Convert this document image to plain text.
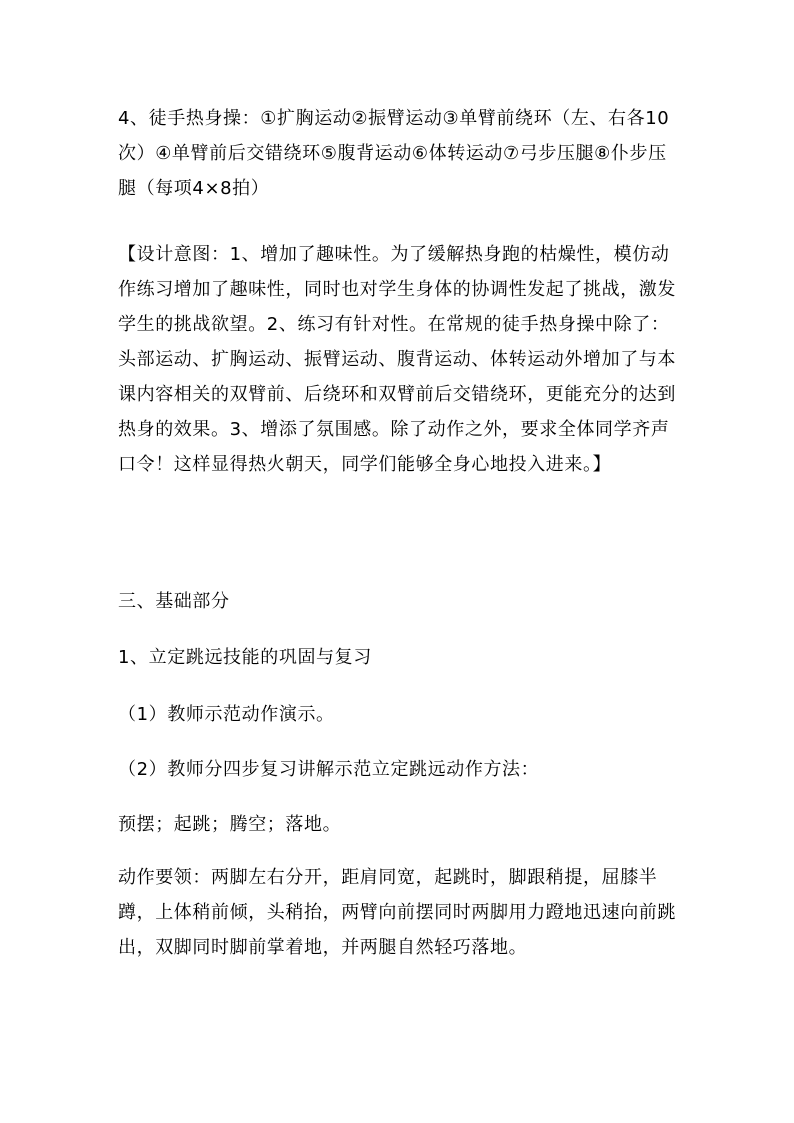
4、徒手热身操：①扩胸运动②振臂运动③单臂前绕环（左、右各10次）④单臂前后交错绕环⑤腹背运动⑥体转运动⑦弓步压腿⑧仆步压腿（每项4×8拍）

【设计意图：1、增加了趣味性。为了缓解热身跑的枯燥性，模仿动作练习增加了趣味性，同时也对学生身体的协调性发起了挑战，激发学生的挑战欲望。2、练习有针对性。在常规的徒手热身操中除了：头部运动、扩胸运动、振臂运动、腹背运动、体转运动外增加了与本课内容相关的双臂前、后绕环和双臂前后交错绕环，更能充分的达到热身的效果。3、增添了氛围感。除了动作之外，要求全体同学齐声口令！这样显得热火朝天，同学们能够全身心地投入进来。】

三、基础部分

1、立定跳远技能的巩固与复习

（1）教师示范动作演示。

（2）教师分四步复习讲解示范立定跳远动作方法：

预摆；起跳；腾空；落地。

动作要领：两脚左右分开，距肩同宽，起跳时，脚跟稍提，屈膝半蹲，上体稍前倾，头稍抬，两臂向前摆同时两脚用力蹬地迅速向前跳出，双脚同时脚前掌着地，并两腿自然轻巧落地。
